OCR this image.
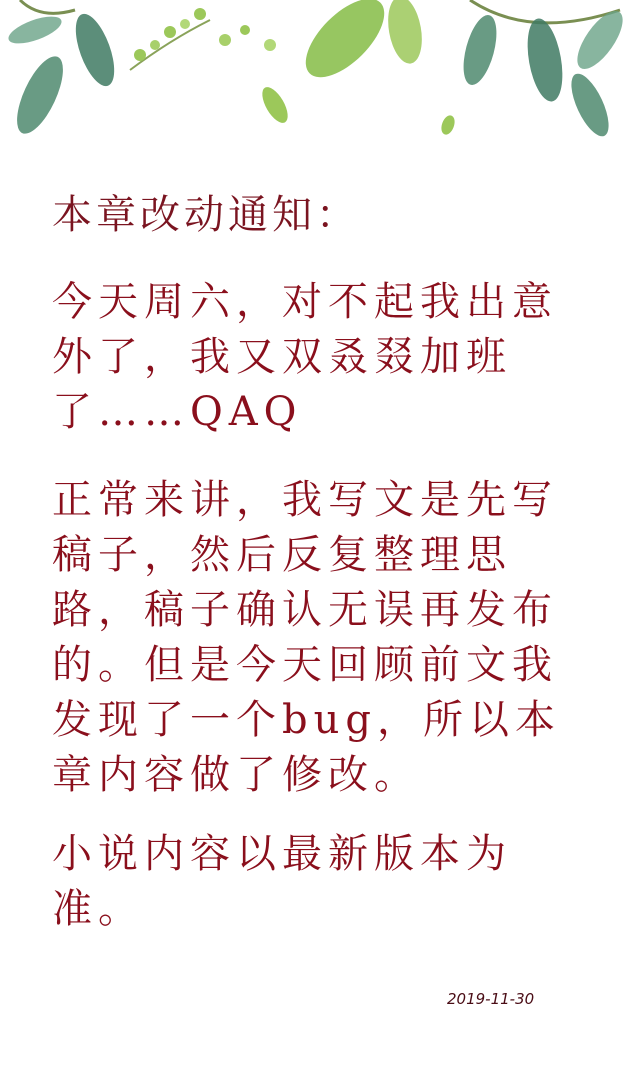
本章改动通知：
今天周六，对不起我出意外了，我又双叒叕加班了……QAQ
正常来讲，我写文是先写稿子，然后反复整理思路，稿子确认无误再发布的。但是今天回顾前文我发现了一个bug，所以本章内容做了修改。
小说内容以最新版本为准。
2019-11-30
